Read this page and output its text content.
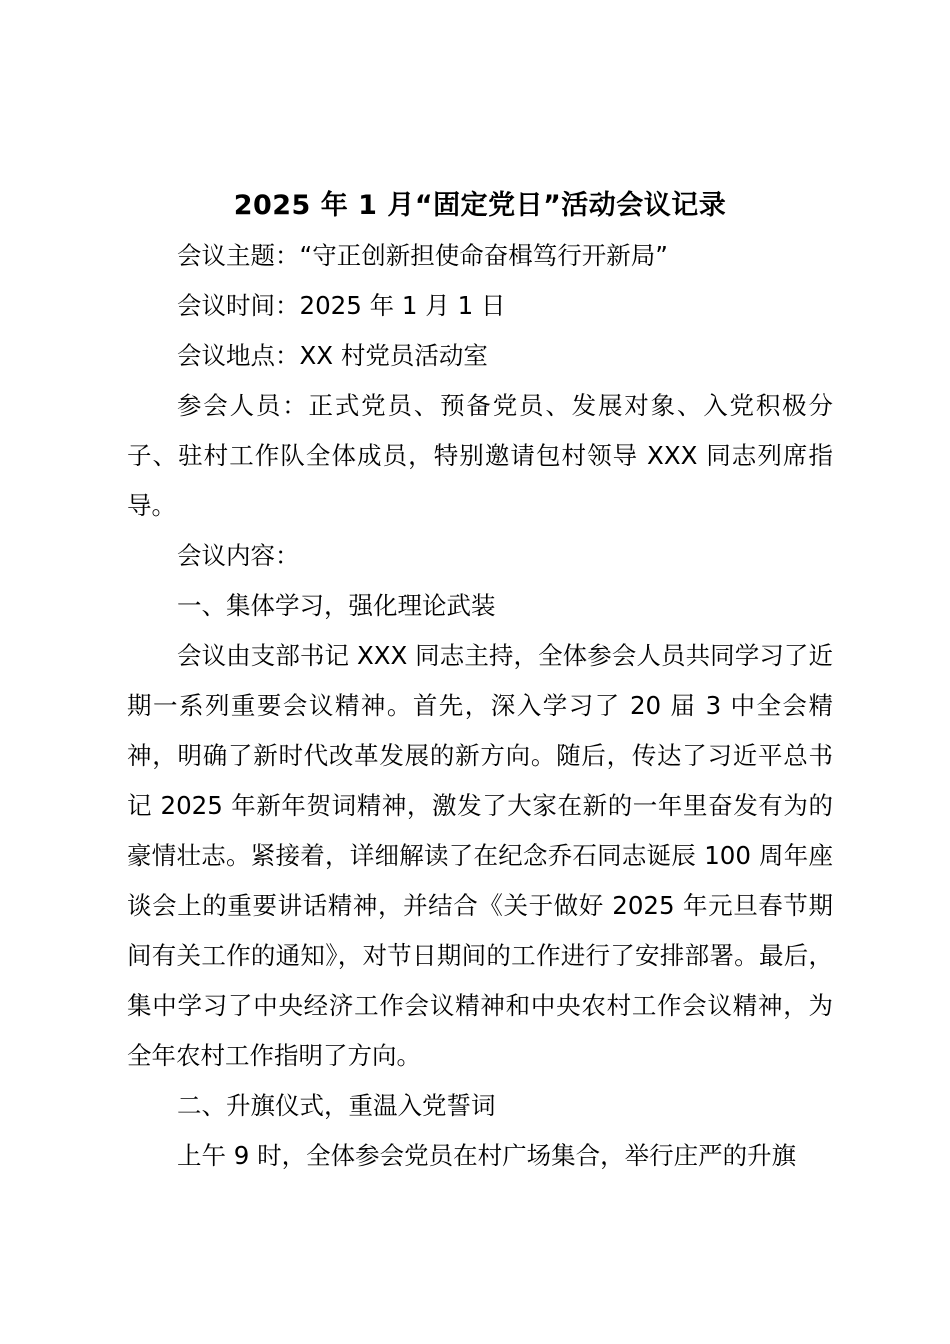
2025 年 1 月“固定党日”活动会议记录

会议主题：“守正创新担使命奋楫笃行开新局”

会议时间：2025 年 1 月 1 日

会议地点：XX 村党员活动室

参会人员：正式党员、预备党员、发展对象、入党积极分子、驻村工作队全体成员，特别邀请包村领导 XXX 同志列席指导。

会议内容：

一、集体学习，强化理论武装

会议由支部书记 XXX 同志主持，全体参会人员共同学习了近期一系列重要会议精神。首先，深入学习了 20 届 3 中全会精神，明确了新时代改革发展的新方向。随后，传达了习近平总书记 2025 年新年贺词精神，激发了大家在新的一年里奋发有为的豪情壮志。紧接着，详细解读了在纪念乔石同志诞辰 100 周年座谈会上的重要讲话精神，并结合《关于做好 2025 年元旦春节期间有关工作的通知》，对节日期间的工作进行了安排部署。最后，集中学习了中央经济工作会议精神和中央农村工作会议精神，为全年农村工作指明了方向。

二、升旗仪式，重温入党誓词

上午 9 时，全体参会党员在村广场集合，举行庄严的升旗
